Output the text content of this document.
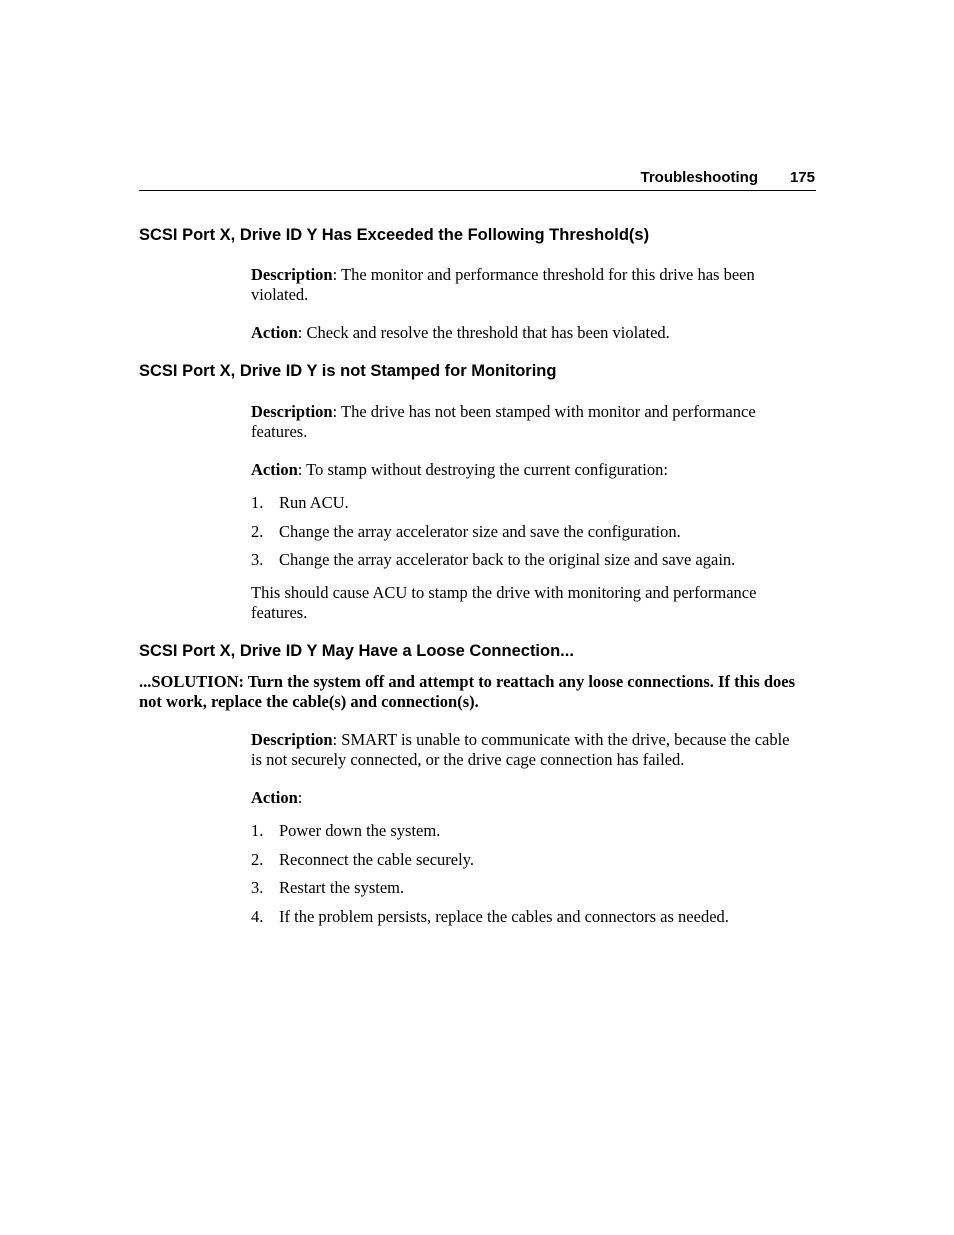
Troubleshooting 175
SCSI Port X, Drive ID Y Has Exceeded the Following Threshold(s)
Description: The monitor and performance threshold for this drive has been violated.
Action: Check and resolve the threshold that has been violated.
SCSI Port X, Drive ID Y is not Stamped for Monitoring
Description: The drive has not been stamped with monitor and performance features.
Action: To stamp without destroying the current configuration:
1. Run ACU.
2. Change the array accelerator size and save the configuration.
3. Change the array accelerator back to the original size and save again.
This should cause ACU to stamp the drive with monitoring and performance features.
SCSI Port X, Drive ID Y May Have a Loose Connection...
...SOLUTION: Turn the system off and attempt to reattach any loose connections. If this does not work, replace the cable(s) and connection(s).
Description: SMART is unable to communicate with the drive, because the cable is not securely connected, or the drive cage connection has failed.
Action:
1. Power down the system.
2. Reconnect the cable securely.
3. Restart the system.
4. If the problem persists, replace the cables and connectors as needed.
